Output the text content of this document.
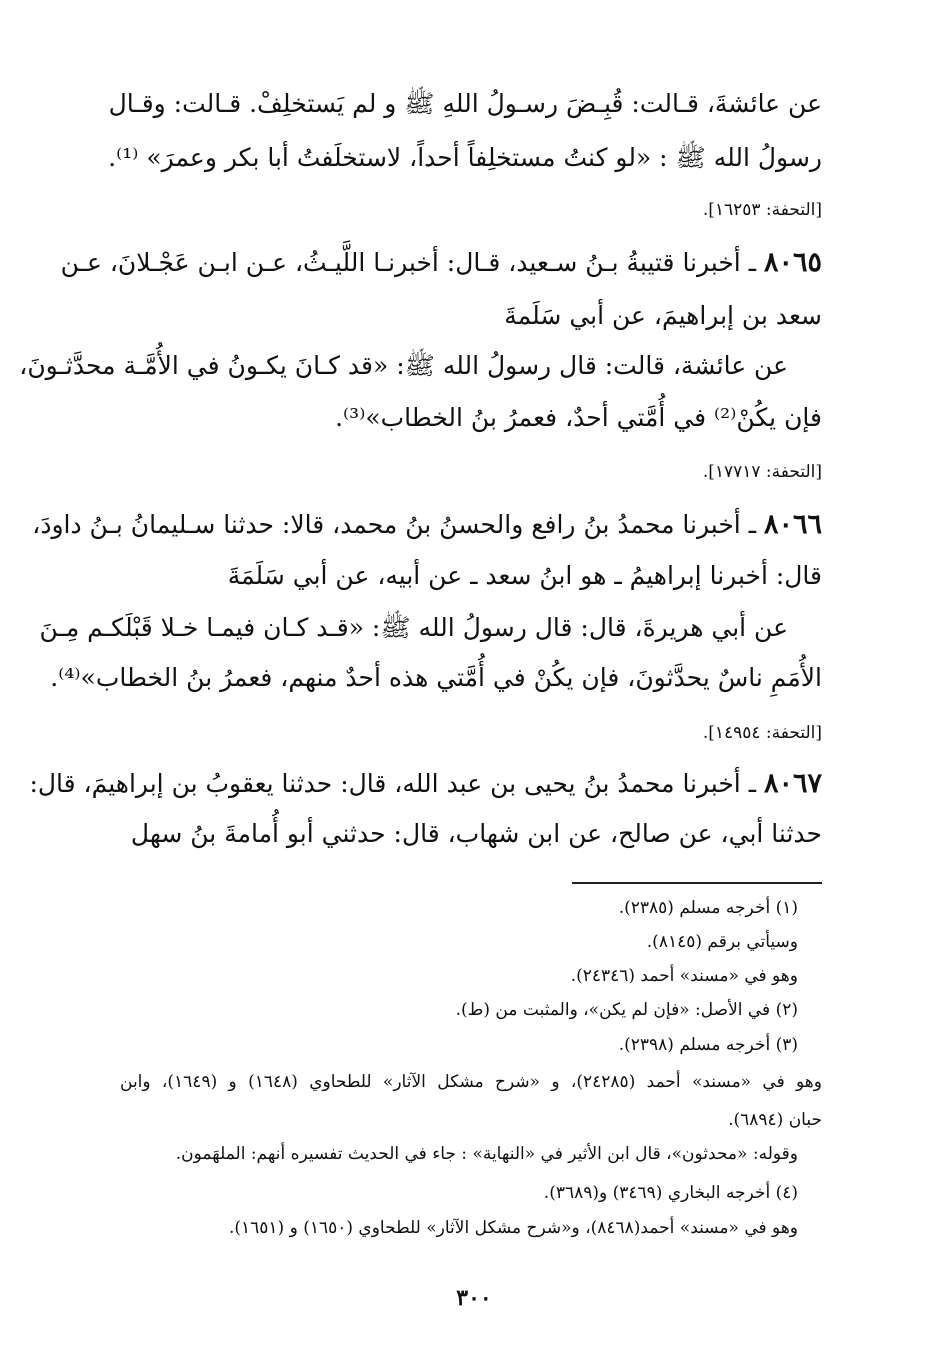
عن عائشةَ، قـالت: قُبِـضَ رسـولُ اللهِ ﷺ و لم يَستخلِفْ. قـالت: وقـال
رسولُ الله ﷺ : «لو كنتُ مستخلِفاً أحداً، لاستخلَفتُ أبا بكر وعمرَ» ⁽¹⁾.
[التحفة: ١٦٢٥٣].
٨٠٦٥ ـ أخبرنا قتيبةُ بـنُ سـعيد، قـال: أخبرنـا اللَّيـثُ، عـن ابـن عَجْـلانَ، عـن
سعد بن إبراهيمَ، عن أبي سَلَمةَ
عن عائشة، قالت: قال رسولُ الله ﷺ: «قد كـانَ يكـونُ في الأُمَّـة محدَّثـونَ،
فإن يكُنْ⁽²⁾ في أُمَّتي أحدٌ، فعمرُ بنُ الخطاب»⁽³⁾.
[التحفة: ١٧٧١٧].
٨٠٦٦ ـ أخبرنا محمدُ بنُ رافع والحسنُ بنُ محمد، قالا: حدثنا سـليمانُ بـنُ داودَ،
قال: أخبرنا إبراهيمُ ـ هو ابنُ سعد ـ عن أبيه، عن أبي سَلَمَةَ
عن أبي هريرةَ، قال: قال رسولُ الله ﷺ: «قـد كـان فيمـا خـلا قَبْلَكـم مِـنَ
الأُمَمِ ناسٌ يحدَّثونَ، فإن يكُنْ في أُمَّتي هذه أحدٌ منهم، فعمرُ بنُ الخطاب»⁽⁴⁾.
[التحفة: ١٤٩٥٤].
٨٠٦٧ ـ أخبرنا محمدُ بنُ يحيى بن عبد الله، قال: حدثنا يعقوبُ بن إبراهيمَ، قال:
حدثنا أبي، عن صالح، عن ابن شهاب، قال: حدثني أبو أُمامةَ بنُ سهل
(١) أخرجه مسلم (٢٣٨٥).
وسيأتي برقم (٨١٤٥).
وهو في «مسند» أحمد (٢٤٣٤٦).
(٢) في الأصل: «فإن لم يكن»، والمثبت من (ط).
(٣) أخرجه مسلم (٢٣٩٨).
وهو في «مسند» أحمد (٢٤٢٨٥)، و «شرح مشكل الآثار» للطحاوي (١٦٤٨) و (١٦٤٩)، وابن
حبان (٦٨٩٤).
وقوله: «محدثون»، قال ابن الأثير في «النهاية» : جاء في الحديث تفسيره أنهم: الملهَمون.
(٤) أخرجه البخاري (٣٤٦٩) و(٣٦٨٩).
وهو في «مسند» أحمد(٨٤٦٨)، و«شرح مشكل الآثار» للطحاوي (١٦٥٠) و (١٦٥١).
٣٠٠
